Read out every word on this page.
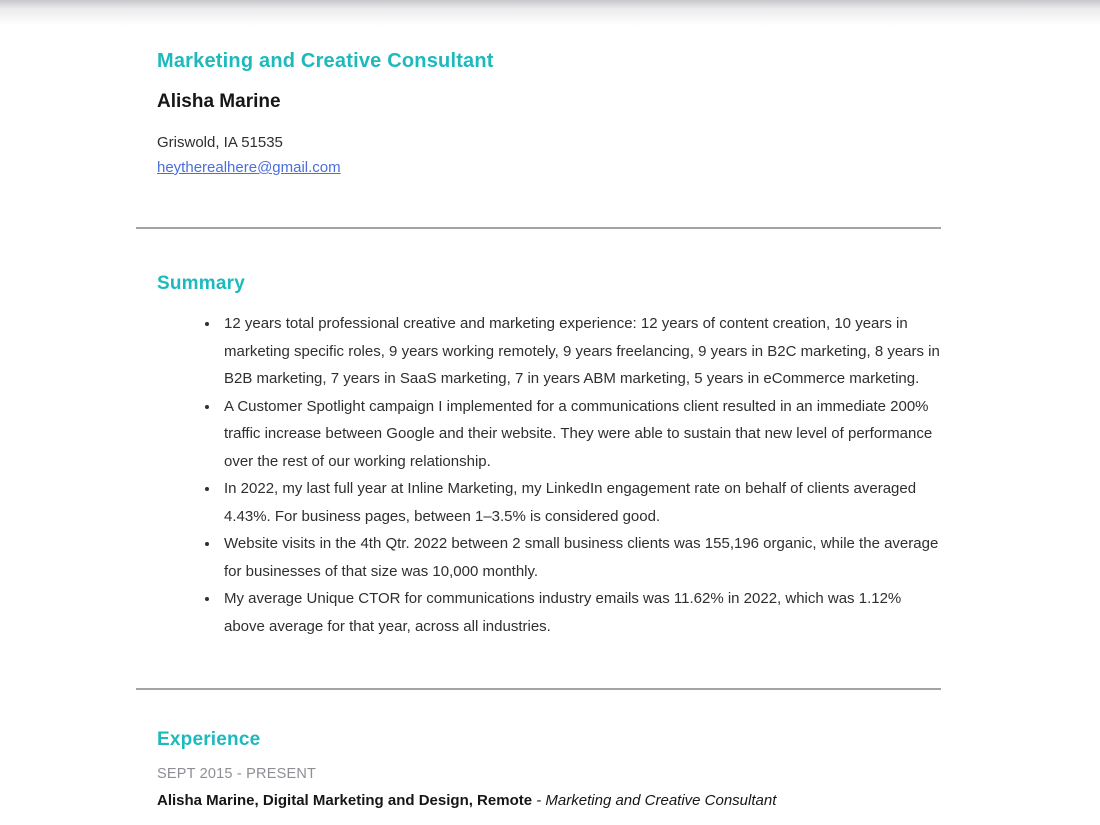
Marketing and Creative Consultant
Alisha Marine
Griswold, IA 51535
heytherealhere@gmail.com
Summary
• 12 years total professional creative and marketing experience: 12 years of content creation, 10 years in marketing specific roles, 9 years working remotely, 9 years freelancing, 9 years in B2C marketing, 8 years in B2B marketing, 7 years in SaaS marketing, 7 in years ABM marketing, 5 years in eCommerce marketing.
• A Customer Spotlight campaign I implemented for a communications client resulted in an immediate 200% traffic increase between Google and their website. They were able to sustain that new level of performance over the rest of our working relationship.
• In 2022, my last full year at Inline Marketing, my LinkedIn engagement rate on behalf of clients averaged 4.43%. For business pages, between 1–3.5% is considered good.
• Website visits in the 4th Qtr. 2022 between 2 small business clients was 155,196 organic, while the average for businesses of that size was 10,000 monthly.
• My average Unique CTOR for communications industry emails was 11.62% in 2022, which was 1.12% above average for that year, across all industries.
Experience
SEPT 2015 - PRESENT
Alisha Marine, Digital Marketing and Design, Remote - Marketing and Creative Consultant
